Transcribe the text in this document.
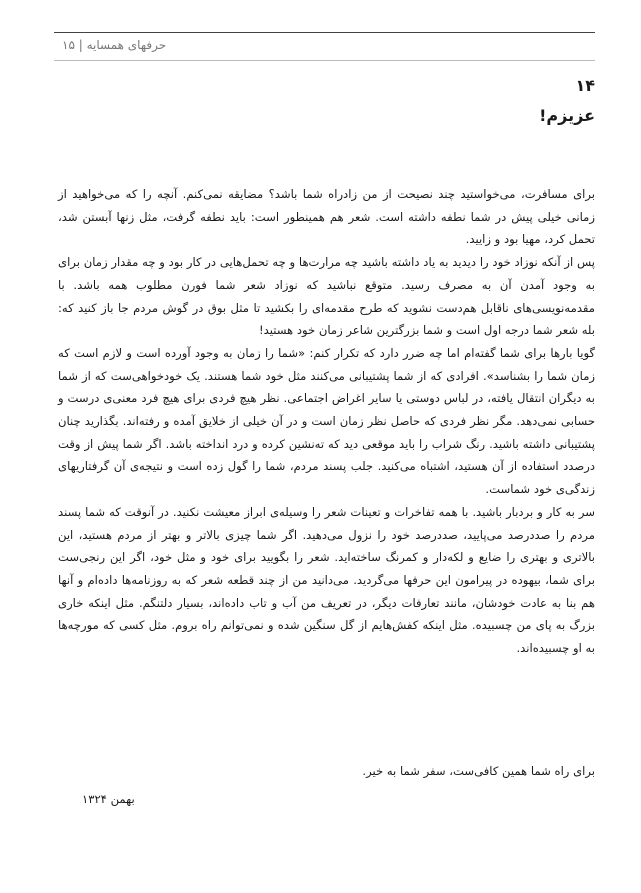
حرفهای همسایه | ۱۵
۱۴
عزیزم!

برای مسافرت، می‌خواستید چند نصیحت از من زادراه شما باشد؟ مضایقه نمی‌کنم. آنچه را که می‌خواهید از زمانی خیلی پیش در شما نطفه داشته است. شعر هم همینطور است: باید نطفه گرفت، مثل زنها آبستن شد، تحمل کرد، مهیا بود و زایید.

پس از آنکه نوزاد خود را دیدید به یاد داشته باشید چه مرارت‌ها و چه تحمل‌هایی در کار بود و چه مقدار زمان برای به وجود آمدن آن به مصرف رسید. متوقع نباشید که نوزاد شعر شما فورن مطلوب همه باشد. با مقدمه‌نویسی‌های ناقابل هم‌دست نشوید که طرح مقدمه‌ای را بکشید تا مثل بوق در گوش مردم جا باز کنید که: بله شعر شما درجه اول است و شما بزرگترین شاعر زمان خود هستید!

گویا بارها برای شما گفته‌ام اما چه ضرر دارد که تکرار کنم: «شما را زمان به وجود آورده است و لازم است که زمان شما را بشناسد». افرادی که از شما پشتیبانی می‌کنند مثل خود شما هستند. یک خودخواهی‌ست که از شما به دیگران انتقال یافته، در لباس دوستی یا سایر اغراض اجتماعی. نظر هیچ فردی برای هیچ فرد معنی‌ی درست و حسابی نمی‌دهد. مگر نظر فردی که حاصل نظر زمان است و در آن خیلی از خلایق آمده و رفته‌اند. بگذارید چنان پشتیبانی داشته باشید. رنگ شراب را باید موقعی دید که ته‌نشین کرده و درد انداخته باشد. اگر شما پیش از وقت درصدد استفاده از آن هستید، اشتباه می‌کنید. جلب پسند مردم، شما را گول زده است و نتیجه‌ی آن گرفتاریهای زندگی‌ی خود شماست.

سر به کار و بردبار باشید. با همه تفاخرات و تعینات شعر را وسیله‌ی ابراز معیشت نکنید. در آنوقت که شما پسند مردم را صددرصد می‌پایید، صددرصد خود را نزول می‌دهید. اگر شما چیزی بالاتر و بهتر از مردم هستید، این بالاتری و بهتری را ضایع و لکه‌دار و کمرنگ ساخته‌اید. شعر را بگویید برای خود و مثل خود، اگر این رنجی‌ست برای شما، بیهوده در پیرامون این حرفها می‌گردید. می‌دانید من از چند قطعه شعر که به روزنامه‌ها داده‌ام و آنها هم بنا به عادت خودشان، مانند تعارفات دیگر، در تعریف من آب و تاب داده‌اند، بسیار دلتنگم. مثل اینکه خاری بزرگ به پای من چسبیده. مثل اینکه کفش‌هایم از گل سنگین شده و نمی‌توانم راه بروم. مثل کسی که مورچه‌ها به او چسبیده‌اند.

برای راه شما همین کافی‌ست، سفر شما به خیر.
بهمن ۱۳۲۴
